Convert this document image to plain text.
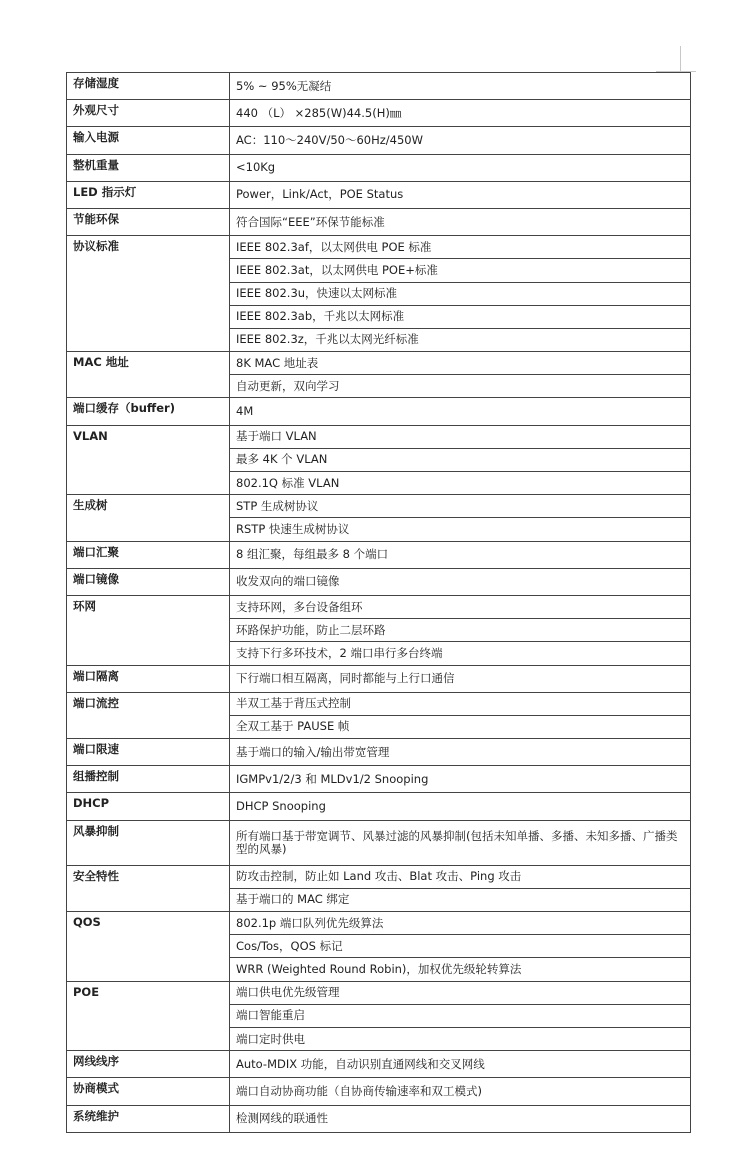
存储湿度	5% ~ 95%无凝结
外观尺寸	440 （L） ×285(W)44.5(H)㎜
输入电源	AC：110～240V/50～60Hz/450W
整机重量	<10Kg
LED 指示灯	Power，Link/Act，POE Status
节能环保	符合国际“EEE”环保节能标准
协议标准	IEEE 802.3af，以太网供电 POE 标准
	IEEE 802.3at，以太网供电 POE+标准
	IEEE 802.3u，快速以太网标准
	IEEE 802.3ab，千兆以太网标准
	IEEE 802.3z，千兆以太网光纤标准
MAC 地址	8K MAC 地址表
	自动更新，双向学习
端口缓存（buffer)	4M
VLAN	基于端口 VLAN
	最多 4K 个 VLAN
	802.1Q 标准 VLAN
生成树	STP 生成树协议
	RSTP 快速生成树协议
端口汇聚	8 组汇聚，每组最多 8 个端口
端口镜像	收发双向的端口镜像
环网	支持环网，多台设备组环
	环路保护功能，防止二层环路
	支持下行多环技术，2 端口串行多台终端
端口隔离	下行端口相互隔离，同时都能与上行口通信
端口流控	半双工基于背压式控制
	全双工基于 PAUSE 帧
端口限速	基于端口的输入/输出带宽管理
组播控制	IGMPv1/2/3 和 MLDv1/2 Snooping
DHCP	DHCP Snooping
风暴抑制	所有端口基于带宽调节、风暴过滤的风暴抑制(包括未知单播、多播、未知多播、广播类型的风暴)
安全特性	防攻击控制，防止如 Land 攻击、Blat 攻击、Ping 攻击
	基于端口的 MAC 绑定
QOS	802.1p 端口队列优先级算法
	Cos/Tos，QOS 标记
	WRR (Weighted Round Robin)，加权优先级轮转算法
POE	端口供电优先级管理
	端口智能重启
	端口定时供电
网线线序	Auto-MDIX 功能，自动识别直通网线和交叉网线
协商模式	端口自动协商功能（自协商传输速率和双工模式)
系统维护	检测网线的联通性
